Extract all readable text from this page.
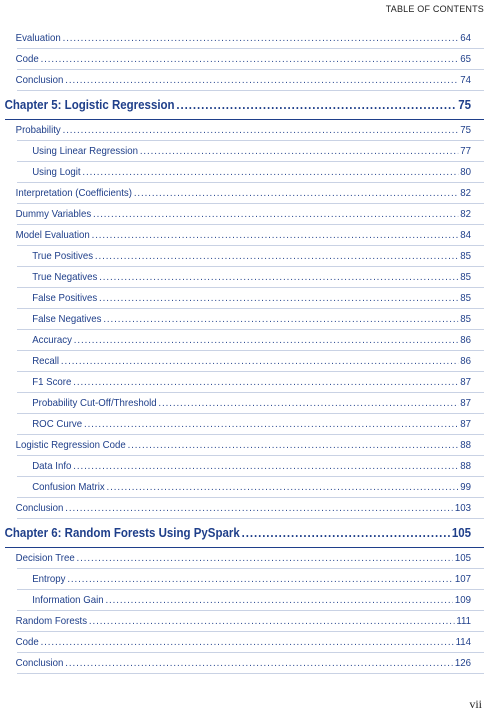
TABLE OF CONTENTS
Evaluation .....	64
Code .....	65
Conclusion .....	74
Chapter 5: Logistic Regression .....	75
Probability .....	75
Using Linear Regression .....	77
Using Logit .....	80
Interpretation (Coefficients) .....	82
Dummy Variables .....	82
Model Evaluation .....	84
True Positives .....	85
True Negatives .....	85
False Positives .....	85
False Negatives .....	85
Accuracy .....	86
Recall .....	86
F1 Score .....	87
Probability Cut-Off/Threshold .....	87
ROC Curve .....	87
Logistic Regression Code .....	88
Data Info .....	88
Confusion Matrix .....	99
Conclusion .....	103
Chapter 6: Random Forests Using PySpark .....	105
Decision Tree .....	105
Entropy .....	107
Information Gain .....	109
Random Forests .....	111
Code .....	114
Conclusion .....	126
vii
